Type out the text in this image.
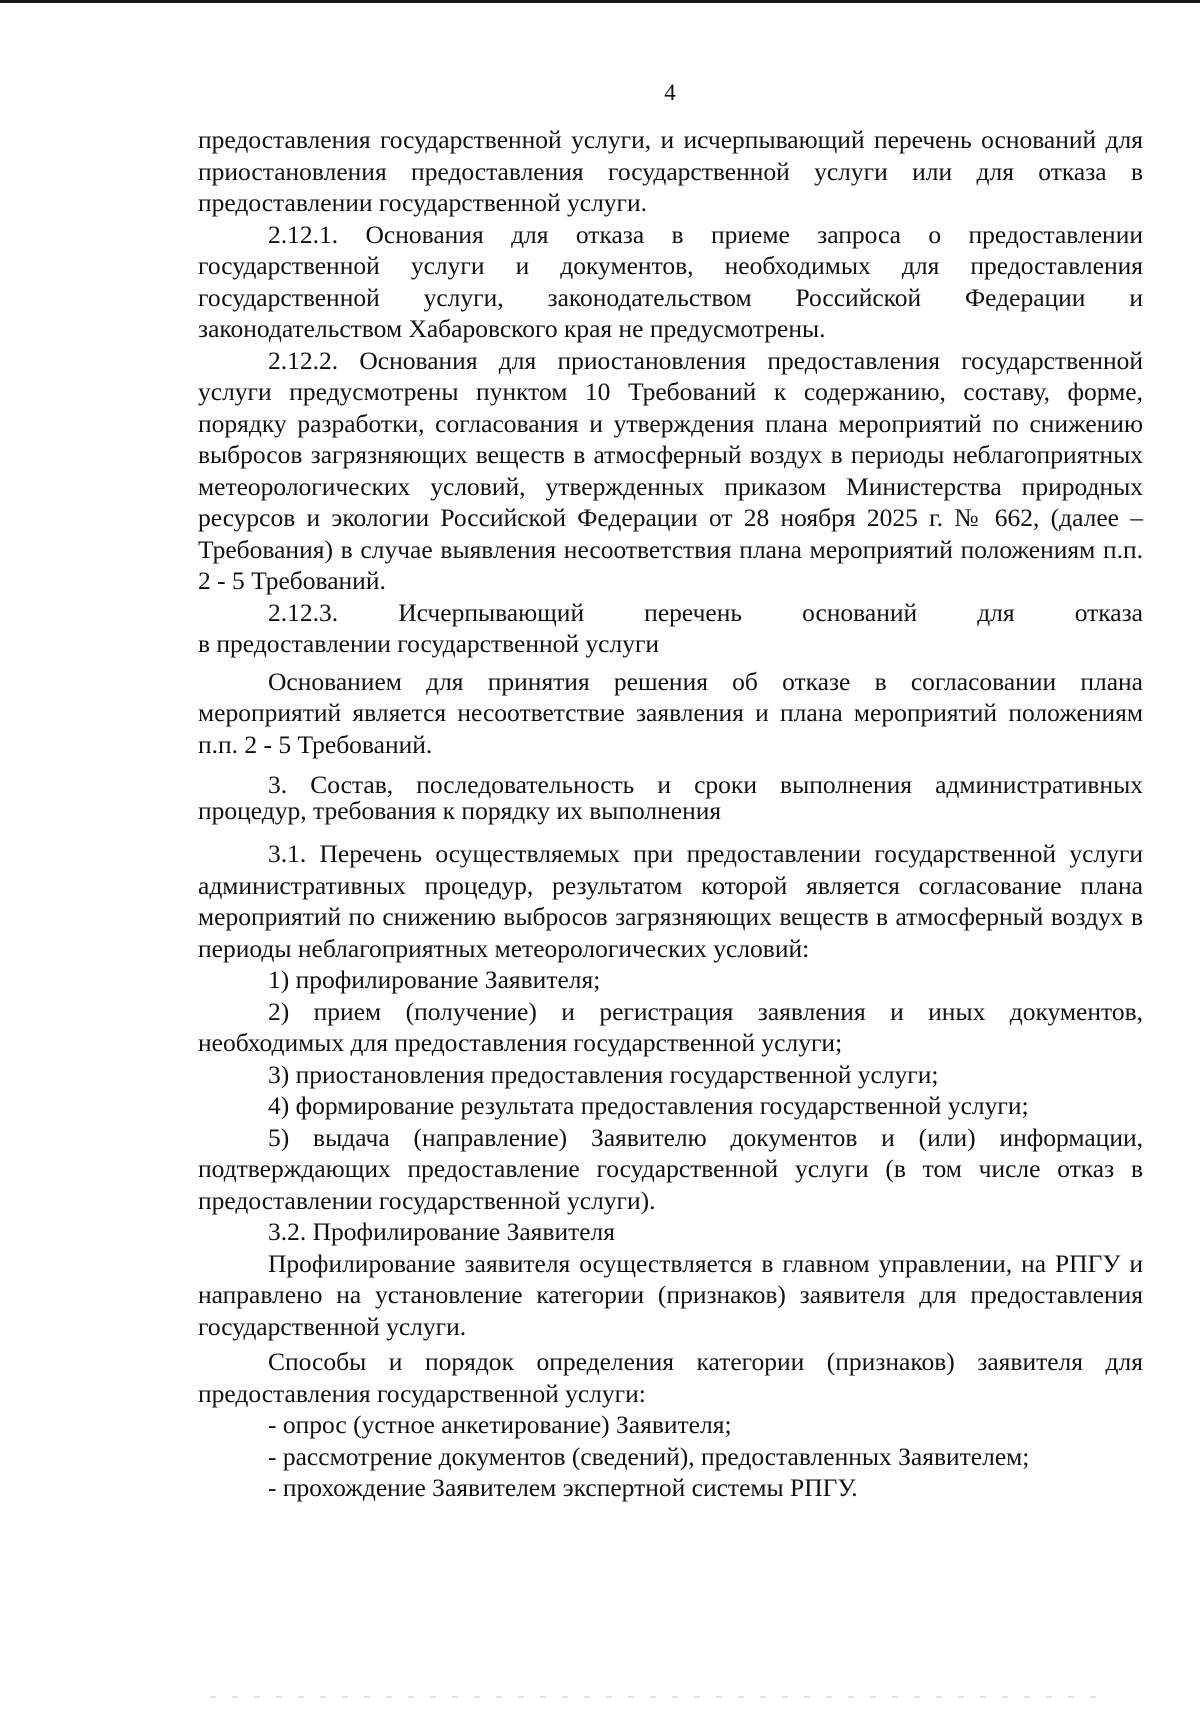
4

предоставления государственной услуги, и исчерпывающий перечень оснований для приостановления предоставления государственной услуги или для отказа в предоставлении государственной услуги.

2.12.1. Основания для отказа в приеме запроса о предоставлении государственной услуги и документов, необходимых для предоставления государственной услуги, законодательством Российской Федерации и законодательством Хабаровского края не предусмотрены.

2.12.2. Основания для приостановления предоставления государственной услуги предусмотрены пунктом 10 Требований к содержанию, составу, форме, порядку разработки, согласования и утверждения плана мероприятий по снижению выбросов загрязняющих веществ в атмосферный воздух в периоды неблагоприятных метеорологических условий, утвержденных приказом Министерства природных ресурсов и экологии Российской Федерации от 28 ноября 2025 г. № 662, (далее –Требования) в случае выявления несоответствия плана мероприятий положениям п.п. 2 - 5 Требований.

2.12.3. Исчерпывающий перечень оснований для отказа

в предоставлении государственной услуги

Основанием для принятия решения об отказе в согласовании плана мероприятий является несоответствие заявления и плана мероприятий положениям п.п. 2 - 5 Требований.

3. Состав, последовательность и сроки выполнения административных процедур, требования к порядку их выполнения

3.1. Перечень осуществляемых при предоставлении государственной услуги административных процедур, результатом которой является согласование плана мероприятий по снижению выбросов загрязняющих веществ в атмосферный воздух в периоды неблагоприятных метеорологических условий:

1) профилирование Заявителя;

2) прием (получение) и регистрация заявления и иных документов, необходимых для предоставления государственной услуги;

3) приостановления предоставления государственной услуги;

4) формирование результата предоставления государственной услуги;

5) выдача (направление) Заявителю документов и (или) информации, подтверждающих предоставление государственной услуги (в том числе отказ в предоставлении государственной услуги).

3.2. Профилирование Заявителя

Профилирование заявителя осуществляется в главном управлении, на РПГУ и направлено на установление категории (признаков) заявителя для предоставления государственной услуги.

Способы и порядок определения категории (признаков) заявителя для предоставления государственной услуги:

- опрос (устное анкетирование) Заявителя;

- рассмотрение документов (сведений), предоставленных Заявителем;

- прохождение Заявителем экспертной системы РПГУ.
